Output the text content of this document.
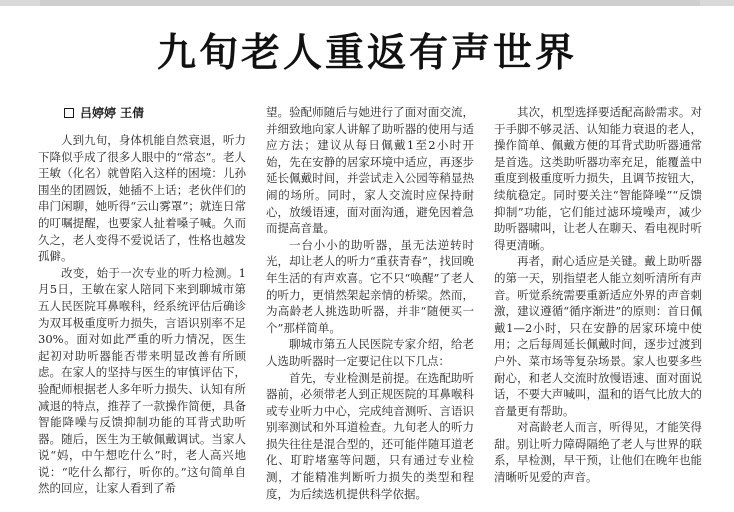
九旬老人重返有声世界
吕婷婷 王倩

人到九旬，身体机能自然衰退，听力下降似乎成了很多人眼中的“常态”。老人王敏（化名）就曾陷入这样的困境：儿孙围坐的团圆饭，她插不上话；老伙伴们的串门闲聊，她听得“云山雾罩”；就连日常的叮嘱提醒，也要家人扯着嗓子喊。久而久之，老人变得不爱说话了，性格也越发孤僻。

改变，始于一次专业的听力检测。1月5日，王敏在家人陪同下来到聊城市第五人民医院耳鼻喉科，经系统评估后确诊为双耳极重度听力损失，言语识别率不足30%。面对如此严重的听力情况，医生起初对助听器能否带来明显改善有所顾虑。在家人的坚持与医生的审慎评估下，验配师根据老人多年听力损失、认知有所减退的特点，推荐了一款操作简便，具备智能降噪与反馈抑制功能的耳背式助听器。随后，医生为王敏佩戴调试。当家人说“妈，中午想吃什么”时，老人高兴地说：“吃什么都行，听你的。”这句简单自然的回应，让家人看到了希

望。验配师随后与她进行了面对面交流，并细致地向家人讲解了助听器的使用与适应方法；建议从每日佩戴1至2小时开始，先在安静的居家环境中适应，再逐步延长佩戴时间，并尝试走入公园等稍显热闹的场所。同时，家人交流时应保持耐心，放缓语速，面对面沟通，避免因着急而提高音量。

一台小小的助听器，虽无法逆转时光，却让老人的听力“重获青春”，找回晚年生活的有声欢喜。它不只“唤醒”了老人的听力，更悄然架起亲情的桥梁。然而，为高龄老人挑选助听器，并非“随便买一个”那样简单。

聊城市第五人民医院专家介绍，给老人选助听器时一定要记住以下几点：

首先，专业检测是前提。在选配助听器前，必须带老人到正规医院的耳鼻喉科或专业听力中心，完成纯音测听、言语识别率测试和外耳道检查。九旬老人的听力损失往往是混合型的，还可能伴随耳道老化、耵聍堵塞等问题，只有通过专业检测，才能精准判断听力损失的类型和程度，为后续选机提供科学依据。

其次，机型选择要适配高龄需求。对于手脚不够灵活、认知能力衰退的老人，操作简单、佩戴方便的耳背式助听器通常是首选。这类助听器功率充足，能覆盖中重度到极重度听力损失，且调节按钮大，续航稳定。同时要关注“智能降噪”“反馈抑制”功能，它们能过滤环境噪声，减少助听器啸叫，让老人在聊天、看电视时听得更清晰。

再者，耐心适应是关键。戴上助听器的第一天，别指望老人能立刻听清所有声音。听觉系统需要重新适应外界的声音刺激，建议遵循“循序渐进”的原则：首日佩戴1—2小时，只在安静的居家环境中使用；之后每周延长佩戴时间，逐步过渡到户外、菜市场等复杂场景。家人也要多些耐心，和老人交流时放慢语速、面对面说话，不要大声喊叫，温和的语气比放大的音量更有帮助。

对高龄老人而言，听得见，才能笑得甜。别让听力障碍隔绝了老人与世界的联系，早检测，早干预，让他们在晚年也能清晰听见爱的声音。
